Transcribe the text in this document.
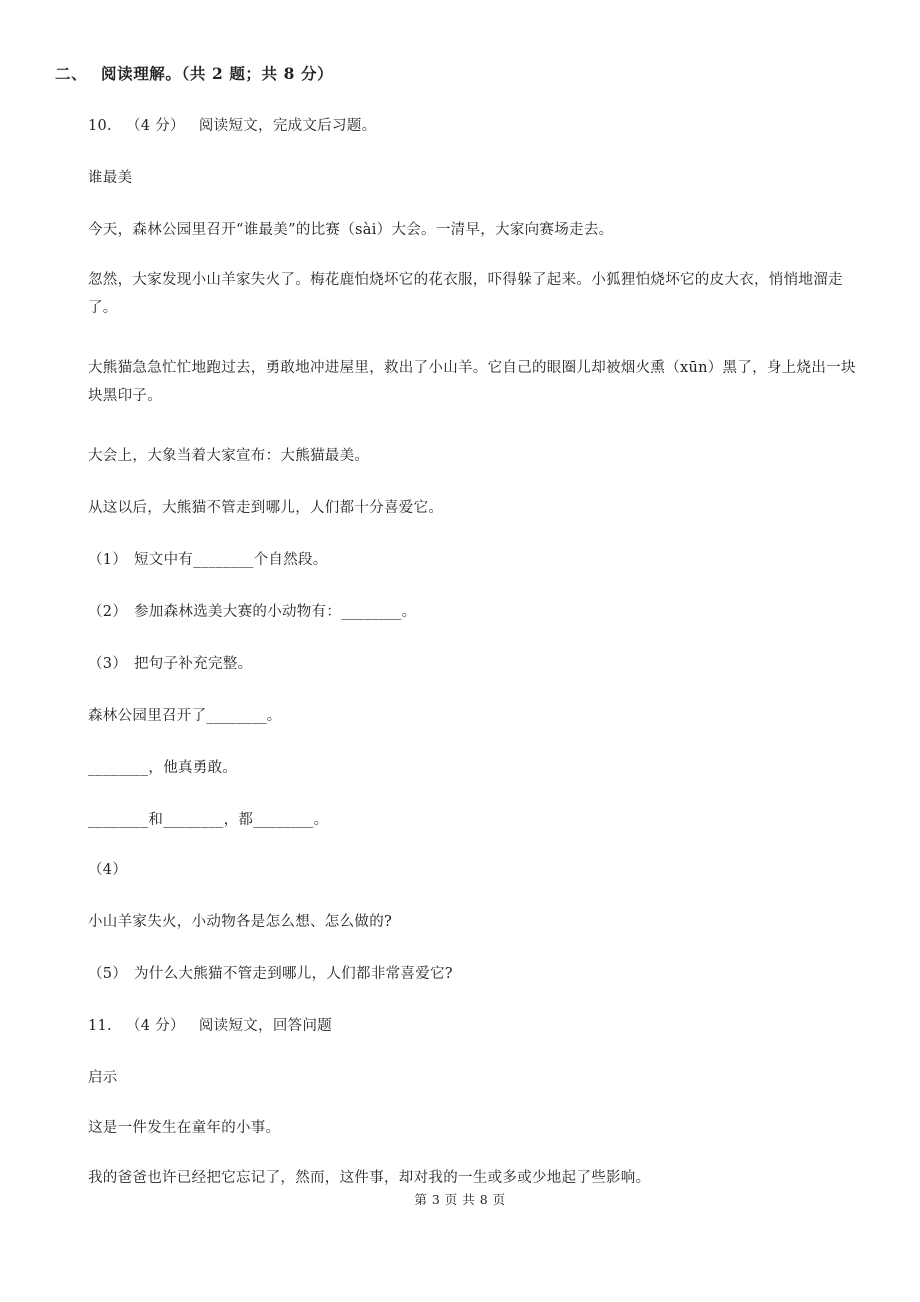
二、 阅读理解。（共 2 题；共 8 分）
10. （4 分） 阅读短文，完成文后习题。
谁最美
今天，森林公园里召开“谁最美”的比赛（sài）大会。一清早，大家向赛场走去。
忽然，大家发现小山羊家失火了。梅花鹿怕烧坏它的花衣服，吓得躲了起来。小狐狸怕烧坏它的皮大衣，悄悄地溜走了。
大熊猫急急忙忙地跑过去，勇敢地冲进屋里，救出了小山羊。它自己的眼圈儿却被烟火熏（xūn）黑了，身上烧出一块块黑印子。
大会上，大象当着大家宣布：大熊猫最美。
从这以后，大熊猫不管走到哪儿，人们都十分喜爱它。
（1） 短文中有________个自然段。
（2） 参加森林选美大赛的小动物有：________。
（3） 把句子补充完整。
森林公园里召开了________。
________，他真勇敢。
________和________，都________。
（4）
小山羊家失火，小动物各是怎么想、怎么做的?
（5） 为什么大熊猫不管走到哪儿，人们都非常喜爱它?
11. （4 分） 阅读短文，回答问题
启示
这是一件发生在童年的小事。
我的爸爸也许已经把它忘记了，然而，这件事，却对我的一生或多或少地起了些影响。
第 3 页 共 8 页
